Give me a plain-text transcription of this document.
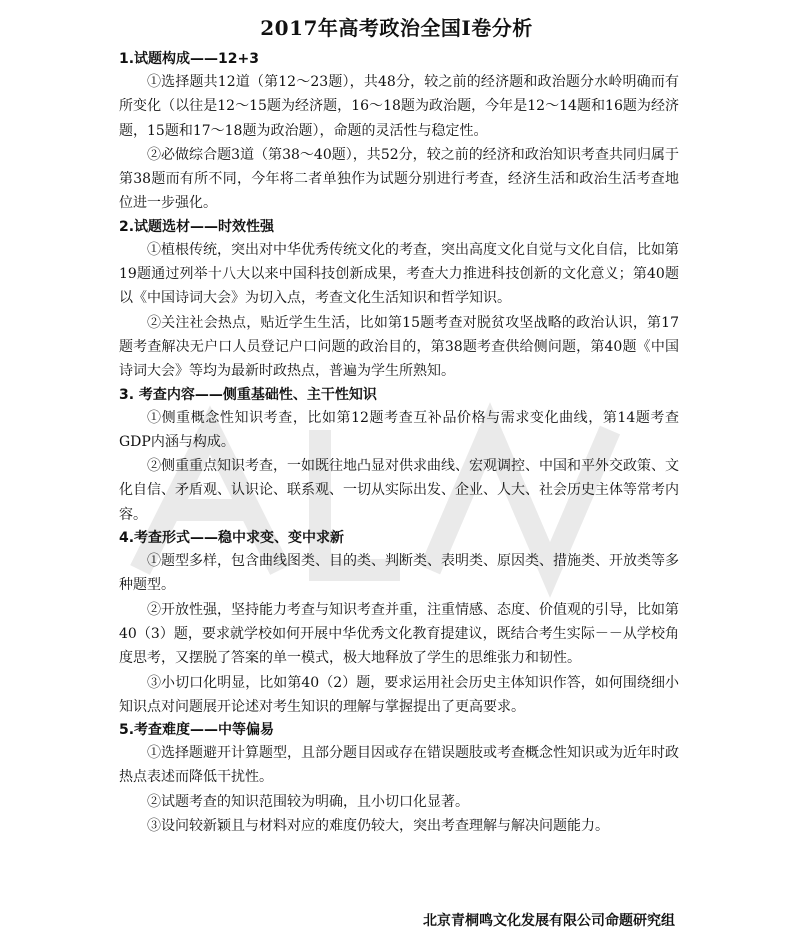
2017年高考政治全国Ⅰ卷分析

1.试题构成——12+3

①选择题共12道（第12～23题），共48分，较之前的经济题和政治题分水岭明确而有所变化（以往是12～15题为经济题，16～18题为政治题，今年是12～14题和16题为经济题，15题和17～18题为政治题），命题的灵活性与稳定性。

②必做综合题3道（第38～40题），共52分，较之前的经济和政治知识考查共同归属于第38题而有所不同，今年将二者单独作为试题分别进行考查，经济生活和政治生活考查地位进一步强化。

2.试题选材——时效性强

①植根传统，突出对中华优秀传统文化的考查，突出高度文化自觉与文化自信，比如第19题通过列举十八大以来中国科技创新成果，考查大力推进科技创新的文化意义；第40题以《中国诗词大会》为切入点，考查文化生活知识和哲学知识。

②关注社会热点，贴近学生生活，比如第15题考查对脱贫攻坚战略的政治认识，第17题考查解决无户口人员登记户口问题的政治目的，第38题考查供给侧问题，第40题《中国诗词大会》等均为最新时政热点，普遍为学生所熟知。

3. 考查内容——侧重基础性、主干性知识

①侧重概念性知识考查，比如第12题考查互补品价格与需求变化曲线，第14题考查GDP内涵与构成。

②侧重重点知识考查，一如既往地凸显对供求曲线、宏观调控、中国和平外交政策、文化自信、矛盾观、认识论、联系观、一切从实际出发、企业、人大、社会历史主体等常考内容。

4.考查形式——稳中求变、变中求新

①题型多样，包含曲线图类、目的类、判断类、表明类、原因类、措施类、开放类等多种题型。

②开放性强，坚持能力考查与知识考查并重，注重情感、态度、价值观的引导，比如第40（3）题，要求就学校如何开展中华优秀文化教育提建议，既结合考生实际－－从学校角度思考，又摆脱了答案的单一模式，极大地释放了学生的思维张力和韧性。

③小切口化明显，比如第40（2）题，要求运用社会历史主体知识作答，如何围绕细小知识点对问题展开论述对考生知识的理解与掌握提出了更高要求。

5.考查难度——中等偏易

①选择题避开计算题型，且部分题目因或存在错误题肢或考查概念性知识或为近年时政热点表述而降低干扰性。

②试题考查的知识范围较为明确，且小切口化显著。

③设问较新颖且与材料对应的难度仍较大，突出考查理解与解决问题能力。

北京青桐鸣文化发展有限公司命题研究组
